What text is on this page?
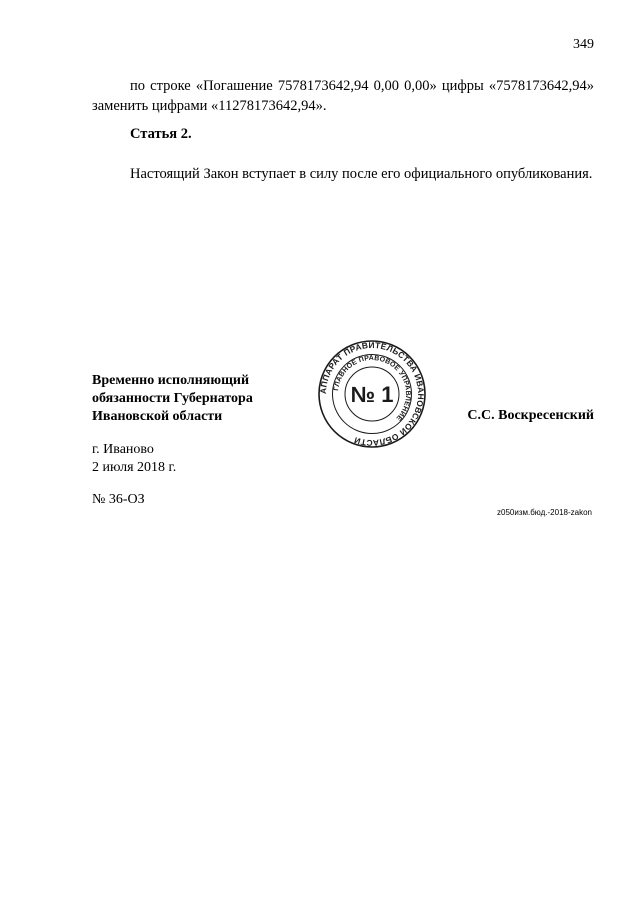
349
по строке «Погашение 7578173642,94 0,00 0,00» цифры «7578173642,94» заменить цифрами «11278173642,94».
Статья 2.
Настоящий Закон вступает в силу после его официального опубликования.
Временно исполняющий
обязанности Губернатора
Ивановской области
АППАРАТ ПРАВИТЕЛЬСТВА ИВАНОВСКОЙ ОБЛАСТИ
ГЛАВНОЕ ПРАВОВОЕ УПРАВЛЕНИЕ
№ 1
С.С. Воскресенский
г. Иваново
2 июля 2018 г.
№ 36-ОЗ
z050изм.бюд.-2018-zakon
